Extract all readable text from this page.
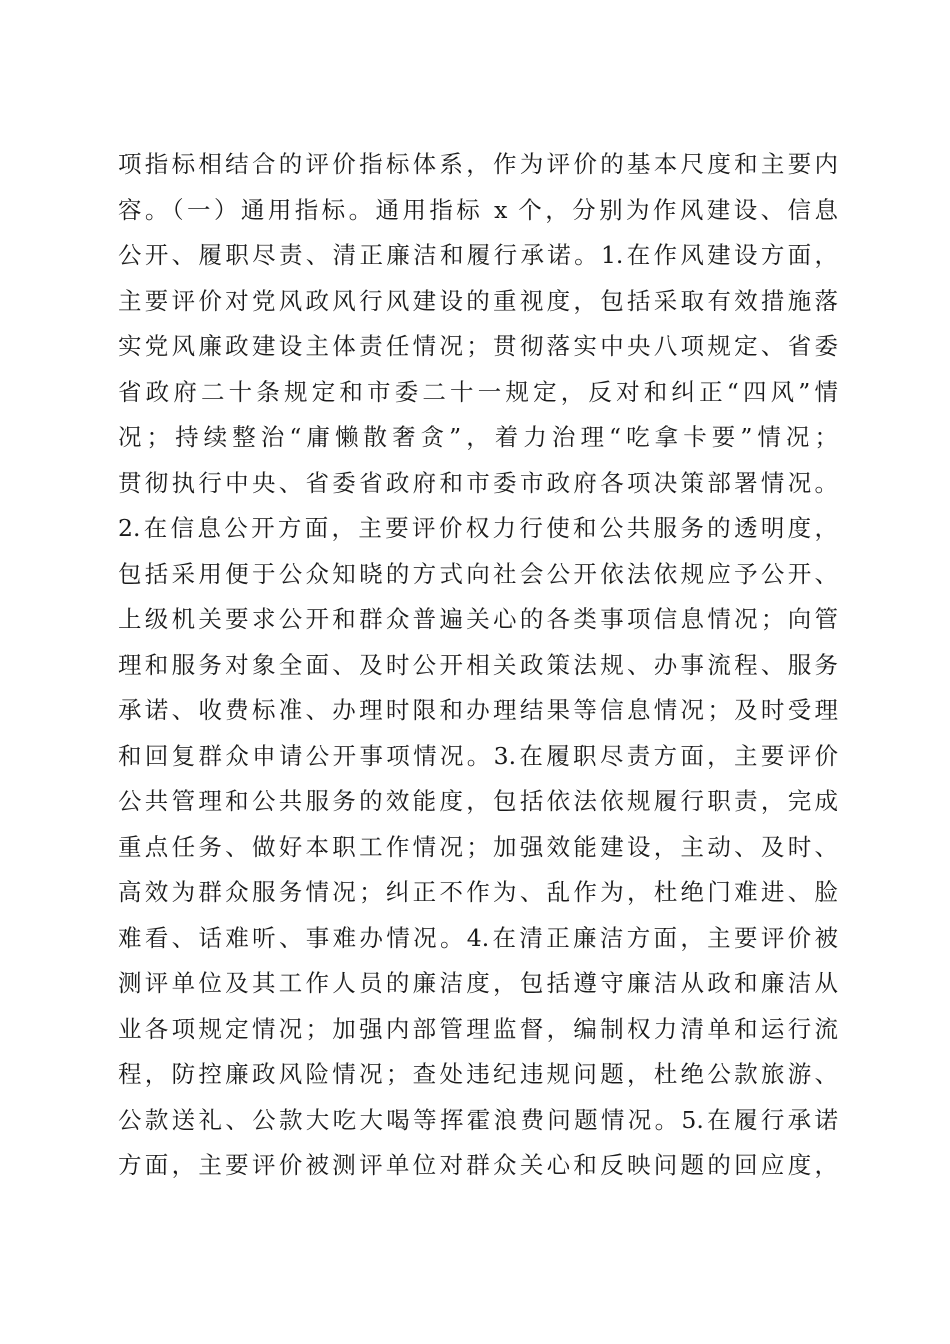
项指标相结合的评价指标体系，作为评价的基本尺度和主要内
容。（一）通用指标。通用指标 x 个，分别为作风建设、信息
公开、履职尽责、清正廉洁和履行承诺。1.在作风建设方面，
主要评价对党风政风行风建设的重视度，包括采取有效措施落
实党风廉政建设主体责任情况；贯彻落实中央八项规定、省委
省政府二十条规定和市委二十一规定，反对和纠正“四风”情
况；持续整治“庸懒散奢贪”，着力治理“吃拿卡要”情况；
贯彻执行中央、省委省政府和市委市政府各项决策部署情况。
2.在信息公开方面，主要评价权力行使和公共服务的透明度，
包括采用便于公众知晓的方式向社会公开依法依规应予公开、
上级机关要求公开和群众普遍关心的各类事项信息情况；向管
理和服务对象全面、及时公开相关政策法规、办事流程、服务
承诺、收费标准、办理时限和办理结果等信息情况；及时受理
和回复群众申请公开事项情况。3.在履职尽责方面，主要评价
公共管理和公共服务的效能度，包括依法依规履行职责，完成
重点任务、做好本职工作情况；加强效能建设，主动、及时、
高效为群众服务情况；纠正不作为、乱作为，杜绝门难进、脸
难看、话难听、事难办情况。4.在清正廉洁方面，主要评价被
测评单位及其工作人员的廉洁度，包括遵守廉洁从政和廉洁从
业各项规定情况；加强内部管理监督，编制权力清单和运行流
程，防控廉政风险情况；查处违纪违规问题，杜绝公款旅游、
公款送礼、公款大吃大喝等挥霍浪费问题情况。5.在履行承诺
方面，主要评价被测评单位对群众关心和反映问题的回应度，
